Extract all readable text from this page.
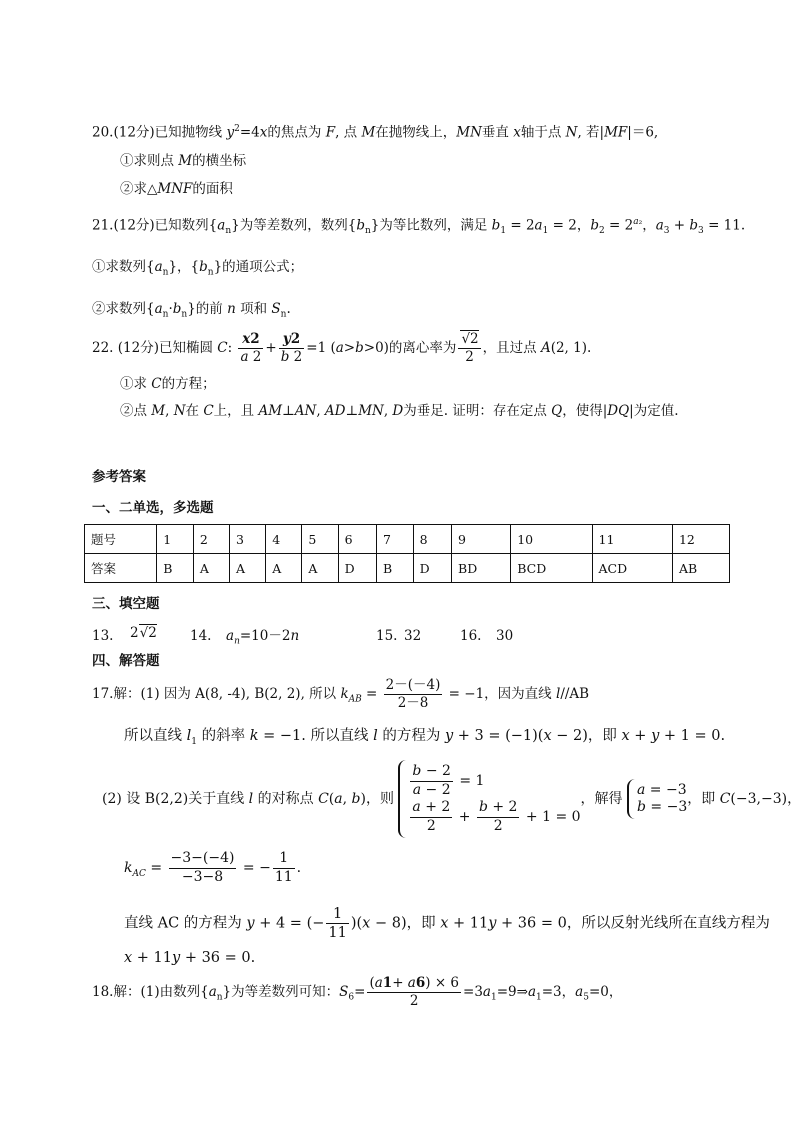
20.(12分)已知抛物线 $y^2=4x$的焦点为 F, 点 M在抛物线上，MN垂直 x轴于点 N, 若|MF|＝6,
①求则点 M的横坐标
②求△MNF的面积
21.(12分)已知数列$\{a_n\}$为等差数列，数列$\{b_n\}$为等比数列，满足 $b_1 = 2a_1 = 2$，$b_2 = 2^{a_2}$，$a_3 + b_3 = 11$.
①求数列$\{a_n\}$，$\{b_n\}$的通项公式；
②求数列$\{a_n\cdot b_n\}$的前 n 项和 $S_n$.
22. (12分)已知椭圆 C: $\frac{x2}{a 2} + \frac{y2}{b 2} =1$ (a>b>0)的离心率为 $\frac{√2}{2}$ ，且过点 A(2, 1).
①求 C的方程；
②点 M, N在 C上，且 AM⊥AN, AD⊥MN, D为垂足. 证明：存在定点 Q，使得|DQ|为定值.
参考答案
一、二单选，多选题
题号	1	2	3	4	5	6	7	8	9	10	11	12
答案	B	A	A	A	A	D	B	D	BD	BCD	ACD	AB
三、填空题
13. 2√2 14. $a_n=10-2n$	15. 32	16. 30
四、解答题
17.解：(1) 因为 A(8, -4), B(2, 2), 所以 $k_{AB} = \frac{2-(-4)}{2-8} = -1$，因为直线 l//AB
所以直线 $l_1$ 的斜率 k = −1. 所以直线 l 的方程为 y + 3 = (−1)(x − 2)，即 x + y + 1 = 0.
(2) 设 B(2,2)关于直线 l 的对称点 C(a, b)，则 $\frac{b - 2}{a - 2} = 1$
$\frac{a + 2}{2} + \frac{b + 2}{2} + 1 = 0$
，解得
a = −3
b = −3 ，即 C(−3,−3)，
$k_{AC} = \frac{-3-(-4)}{-3-8}$ = − $\frac{1}{11}$ .
直线 AC 的方程为 y + 4 = (− $\frac{1}{11} )(x - 8)$，即 x + 11y + 36 = 0，所以反射光线所在直线方程为
x + 11y + 36 = 0.
18.解：(1)由数列$\{a_n\}$为等差数列可知：$S_6= \frac{(a1+ a6) \times 6}{2}$ $=3a_1=9\Rightarrow a_1=3$，$a_5=0$，
